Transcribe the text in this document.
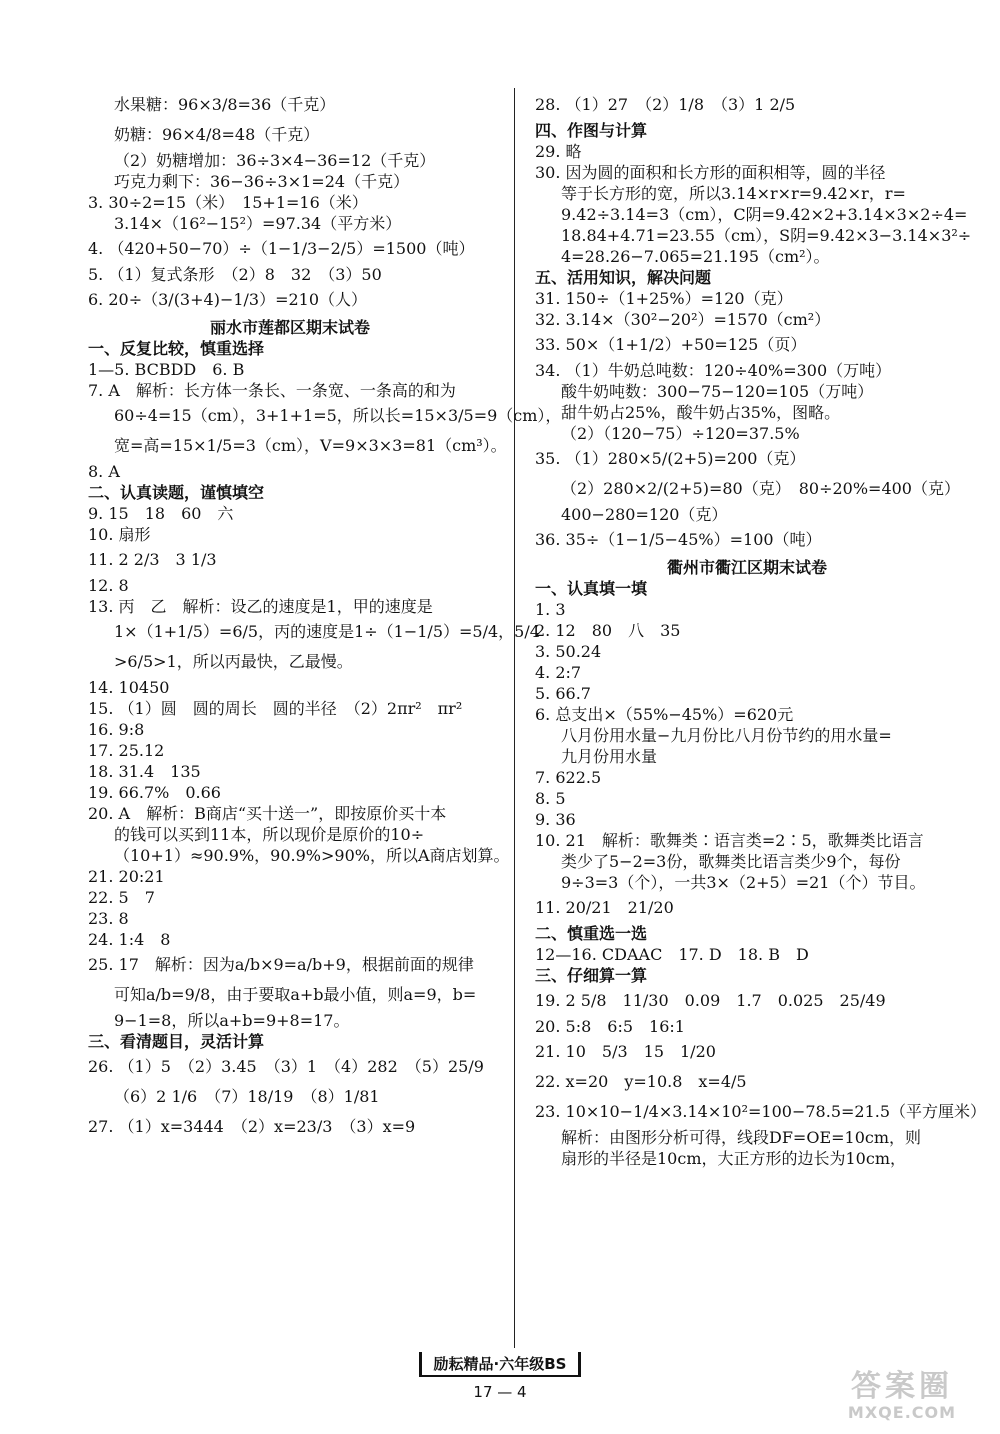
水果糖：96×3/8=36（千克）

奶糖：96×4/8=48（千克）

（2）奶糖增加：36÷3×4−36=12（千克）

巧克力剩下：36−36÷3×1=24（千克）

3. 30÷2=15（米）　15+1=16（米）

3.14×（16²−15²）=97.34（平方米）

4. （420+50−70）÷（1−1/3−2/5）=1500（吨）

5. （1）复式条形　（2）8　32　（3）50

6. 20÷（3/(3+4)−1/3）=210（人）

丽水市莲都区期末试卷

一、反复比较，慎重选择

1—5. BCBDD　6. B

7. A　解析：长方体一条长、一条宽、一条高的和为

60÷4=15（cm），3+1+1=5，所以长=15×3/5=9（cm），

宽=高=15×1/5=3（cm），V=9×3×3=81（cm³）。

8. A

二、认真读题，谨慎填空

9. 15　18　60　六

10. 扇形

11. 2 2/3　3 1/3

12. 8

13. 丙　乙　解析：设乙的速度是1，甲的速度是

1×（1+1/5）=6/5，丙的速度是1÷（1−1/5）=5/4，5/4

>6/5>1，所以丙最快，乙最慢。

14. 10450

15. （1）圆　圆的周长　圆的半径　（2）2πr²　πr²

16. 9:8

17. 25.12

18. 31.4　135

19. 66.7%　0.66

20. A　解析：B商店“买十送一”，即按原价买十本

的钱可以买到11本，所以现价是原价的10÷

（10+1）≈90.9%，90.9%>90%，所以A商店划算。

21. 20:21

22. 5　7

23. 8

24. 1:4　8

25. 17　解析：因为a/b×9=a/b+9，根据前面的规律

可知a/b=9/8，由于要取a+b最小值，则a=9，b=

9−1=8，所以a+b=9+8=17。

三、看清题目，灵活计算

26. （1）5　（2）3.45　（3）1　（4）282　（5）25/9

（6）2 1/6　（7）18/19　（8）1/81

27. （1）x=3444　（2）x=23/3　（3）x=9

28. （1）27　（2）1/8　（3）1 2/5

四、作图与计算

29. 略

30. 因为圆的面积和长方形的面积相等，圆的半径

等于长方形的宽，所以3.14×r×r=9.42×r，r=

9.42÷3.14=3（cm），C阴=9.42×2+3.14×3×2÷4=

18.84+4.71=23.55（cm），S阴=9.42×3−3.14×3²÷

4=28.26−7.065=21.195（cm²）。

五、活用知识，解决问题

31. 150÷（1+25%）=120（克）

32. 3.14×（30²−20²）=1570（cm²）

33. 50×（1+1/2）+50=125（页）

34. （1）牛奶总吨数：120÷40%=300（万吨）

酸牛奶吨数：300−75−120=105（万吨）

甜牛奶占25%，酸牛奶占35%，图略。

（2）（120−75）÷120=37.5%

35. （1）280×5/(2+5)=200（克）

（2）280×2/(2+5)=80（克）　80÷20%=400（克）

400−280=120（克）

36. 35÷（1−1/5−45%）=100（吨）

衢州市衢江区期末试卷

一、认真填一填

1. 3

2. 12　80　八　35

3. 50.24

4. 2:7

5. 66.7

6. 总支出×（55%−45%）=620元

八月份用水量−九月份比八月份节约的用水量=

九月份用水量

7. 622.5

8. 5

9. 36

10. 21　解析：歌舞类∶语言类=2∶5，歌舞类比语言

类少了5−2=3份，歌舞类比语言类少9个，每份

9÷3=3（个），一共3×（2+5）=21（个）节目。

11. 20/21　21/20

二、慎重选一选

12—16. CDAAC　17. D　18. B　D

三、仔细算一算

19. 2 5/8　11/30　0.09　1.7　0.025　25/49

20. 5:8　6:5　16:1

21. 10　5/3　15　1/20

22. x=20　y=10.8　x=4/5

23. 10×10−1/4×3.14×10²=100−78.5=21.5（平方厘米）

解析：由图形分析可得，线段DF=OE=10cm，则

扇形的半径是10cm，大正方形的边长为10cm，

励耘精品·六年级BS
17 — 4	答案圈
MXQE.COM
